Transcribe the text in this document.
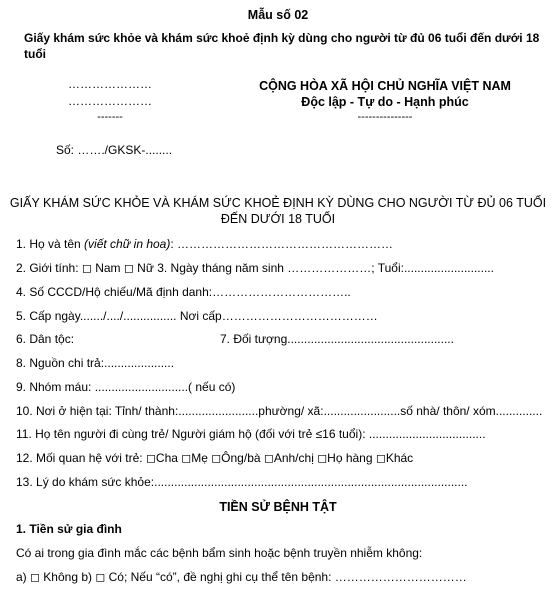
Mẫu số 02
Giấy khám sức khỏe và khám sức khoẻ định kỳ dùng cho người từ đủ 06 tuổi đến dưới 18
tuổi
…………………
…………………
-------
CỘNG HÒA XÃ HỘI CHỦ NGHĨA VIỆT NAM
Độc lập - Tự do - Hạnh phúc
---------------
Số: ……./GKSK-........
GIẤY KHÁM SỨC KHỎE VÀ KHÁM SỨC KHOẺ ĐỊNH KỲ DÙNG CHO NGƯỜI TỪ ĐỦ 06 TUỔI
ĐẾN DƯỚI 18 TUỔI
1. Họ và tên (viết chữ in hoa): ………………………………………………
2. Giới tính: ◻ Nam ◻ Nữ 3. Ngày tháng năm sinh …………………; Tuổi:...........................
4. Số CCCD/Hộ chiếu/Mã định danh:……………………………..
5. Cấp ngày......./..../................ Nơi cấp…………………………………
6. Dân tộc:	7. Đối tượng..................................................
8. Nguồn chi trả:.....................
9. Nhóm máu: ............................( nếu có)
10. Nơi ở hiện tại: Tỉnh/ thành:........................phường/ xã:.......................số nhà/ thôn/ xóm..............
11. Họ tên người đi cùng trẻ/ Người giám hộ (đối với trẻ ≤16 tuổi): ...................................
12. Mối quan hệ với trẻ: ◻Cha ◻Mẹ ◻Ông/bà ◻Anh/chị ◻Họ hàng ◻Khác
13. Lý do khám sức khỏe:..............................................................................................
TIỀN SỬ BỆNH TẬT
1. Tiền sử gia đình
Có ai trong gia đình mắc các bệnh bẩm sinh hoặc bệnh truyền nhiễm không:
a) ◻ Không b) ◻ Có; Nếu “có”, đề nghị ghi cụ thể tên bệnh: ……………………………
